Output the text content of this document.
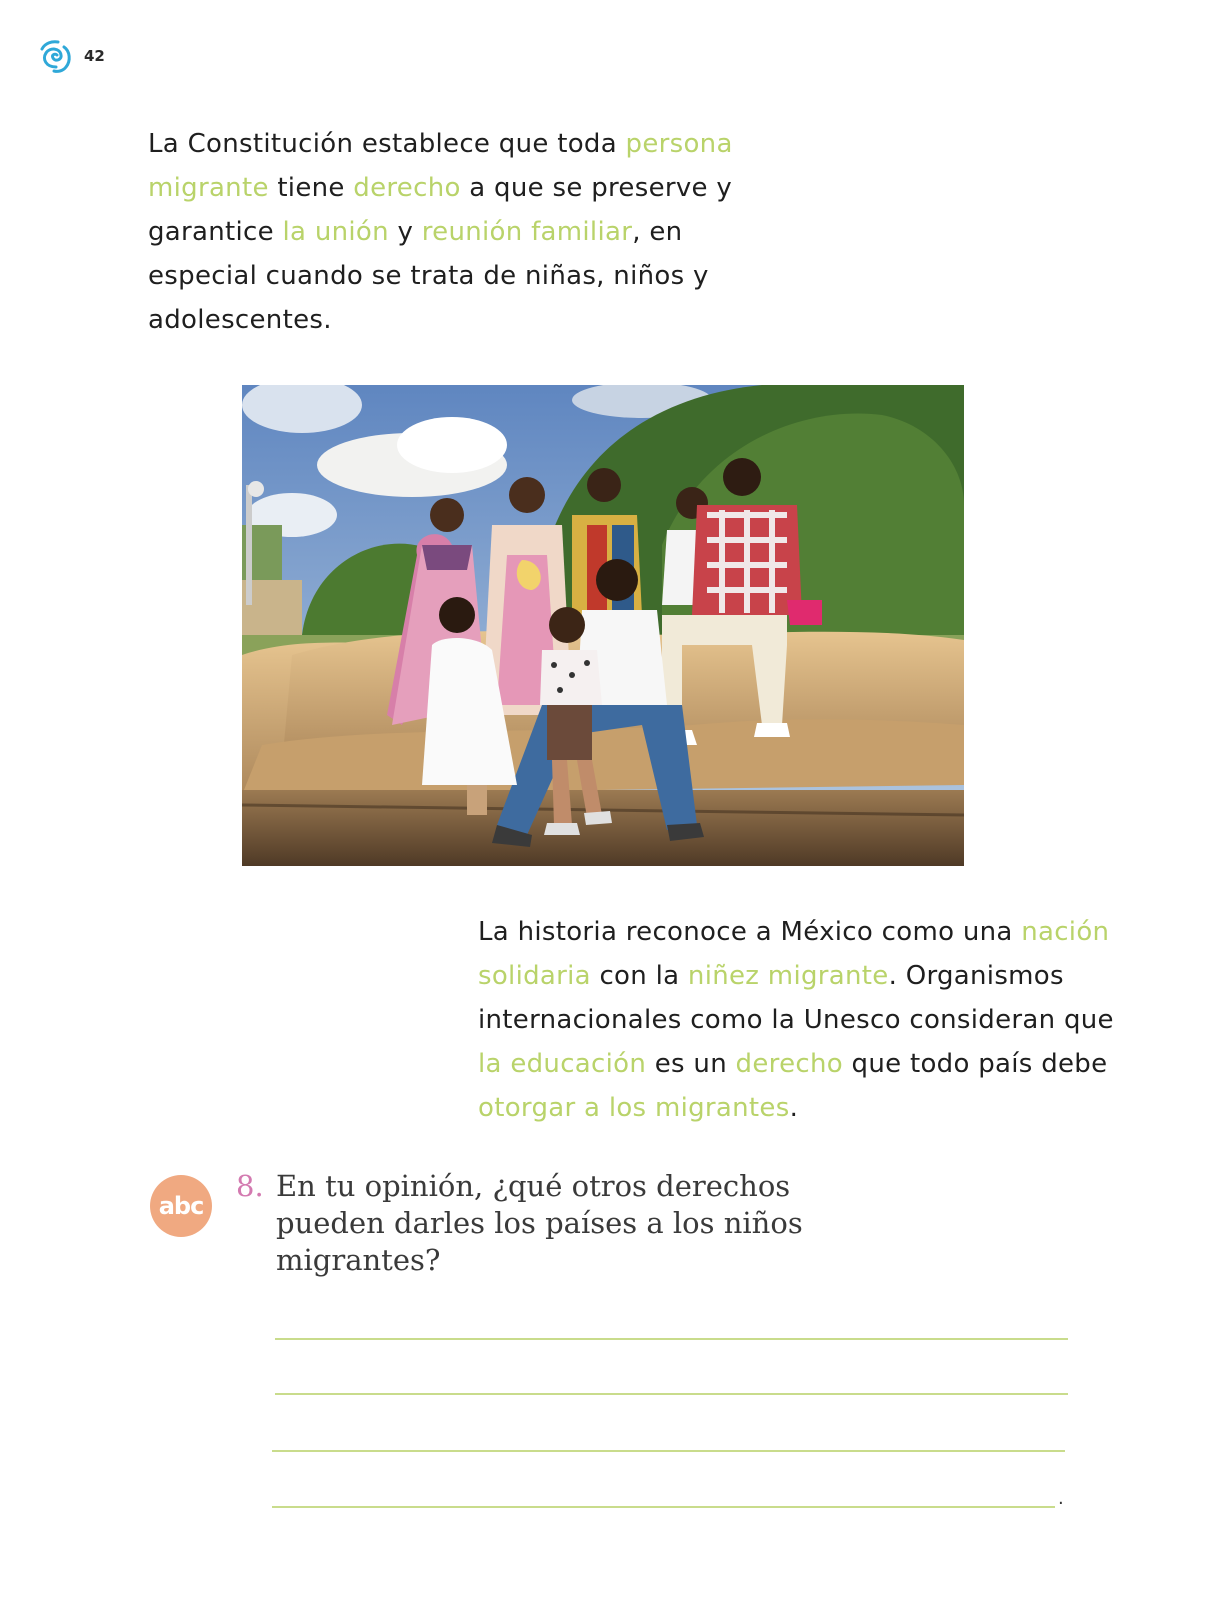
42
La Constitución establece que toda persona migrante tiene derecho a que se preserve y garantice la unión y reunión familiar, en especial cuando se trata de niñas, niños y adolescentes.
La historia reconoce a México como una nación solidaria con la niñez migrante. Organismos internacionales como la Unesco consideran que la educación es un derecho que todo país debe otorgar a los migrantes.
abc
8. En tu opinión, ¿qué otros derechos pueden darles los países a los niños migrantes?
.
